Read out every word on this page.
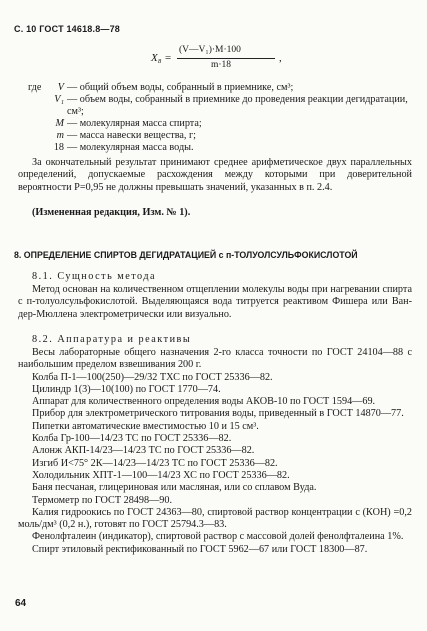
С. 10 ГОСТ 14618.8—78
X₈ =
(V—V₁)·M·100
m·18
,
где	V — общий объем воды, собранный в приемнике, см³;
V₁ — объем воды, собранный в приемнике до проведения реакции дегидратации, см³;
M — молекулярная масса спирта;
m — масса навески вещества, г;
18 — молекулярная масса воды.
За окончательный результат принимают среднее арифметическое двух параллельных определений, допускаемые расхождения между которыми при доверительной вероятности P=0,95 не должны превышать значений, указанных в п. 2.4.
(Измененная редакция, Изм. № 1).
8. ОПРЕДЕЛЕНИЕ СПИРТОВ ДЕГИДРАТАЦИЕЙ с п-ТОЛУОЛСУЛЬФОКИСЛОТОЙ
8.1. Сущность метода
Метод основан на количественном отщеплении молекулы воды при нагревании спирта с п-толуолсульфокислотой. Выделяющаяся вода титруется реактивом Фишера или Ван-дер-Мюллена электрометрически или визуально.
8.2. Аппаратура и реактивы
Весы лабораторные общего назначения 2-го класса точности по ГОСТ 24104—88 с наибольшим пределом взвешивания 200 г.
Колба П-1—100(250)—29/32 ТХС по ГОСТ 25336—82.
Цилиндр 1(3)—10(100) по ГОСТ 1770—74.
Аппарат для количественного определения воды АКОВ-10 по ГОСТ 1594—69.
Прибор для электрометрического титрования воды, приведенный в ГОСТ 14870—77.
Пипетки автоматические вместимостью 10 и 15 см³.
Колба Гр-100—14/23 ТС по ГОСТ 25336—82.
Алонж АКП-14/23—14/23 ТС по ГОСТ 25336—82.
Изгиб И<75° 2К—14/23—14/23 ТС по ГОСТ 25336—82.
Холодильник ХПТ-1—100—14/23 ХС по ГОСТ 25336—82.
Баня песчаная, глицериновая или масляная, или со сплавом Вуда.
Термометр по ГОСТ 28498—90.
Калия гидроокись по ГОСТ 24363—80, спиртовой раствор концентрации с (КОН) =0,2 моль/дм³ (0,2 н.), готовят по ГОСТ 25794.3—83.
Фенолфталеин (индикатор), спиртовой раствор с массовой долей фенолфталеина 1%.
Спирт этиловый ректификованный по ГОСТ 5962—67 или ГОСТ 18300—87.
64
